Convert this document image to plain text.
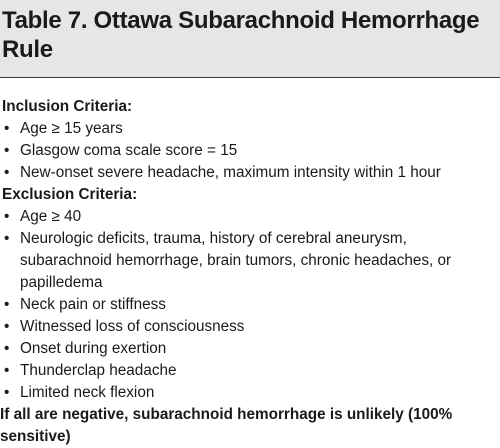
Table 7. Ottawa Subarachnoid Hemorrhage Rule

Inclusion Criteria:

• Age ≥ 15 years
• Glasgow coma scale score = 15
• New-onset severe headache, maximum intensity within 1 hour

Exclusion Criteria:

• Age ≥ 40
• Neurologic deficits, trauma, history of cerebral aneurysm, subarachnoid hemorrhage, brain tumors, chronic headaches, or papilledema
• Neck pain or stiffness
• Witnessed loss of consciousness
• Onset during exertion
• Thunderclap headache
• Limited neck flexion

If all are negative, subarachnoid hemorrhage is unlikely (100% sensitive)
